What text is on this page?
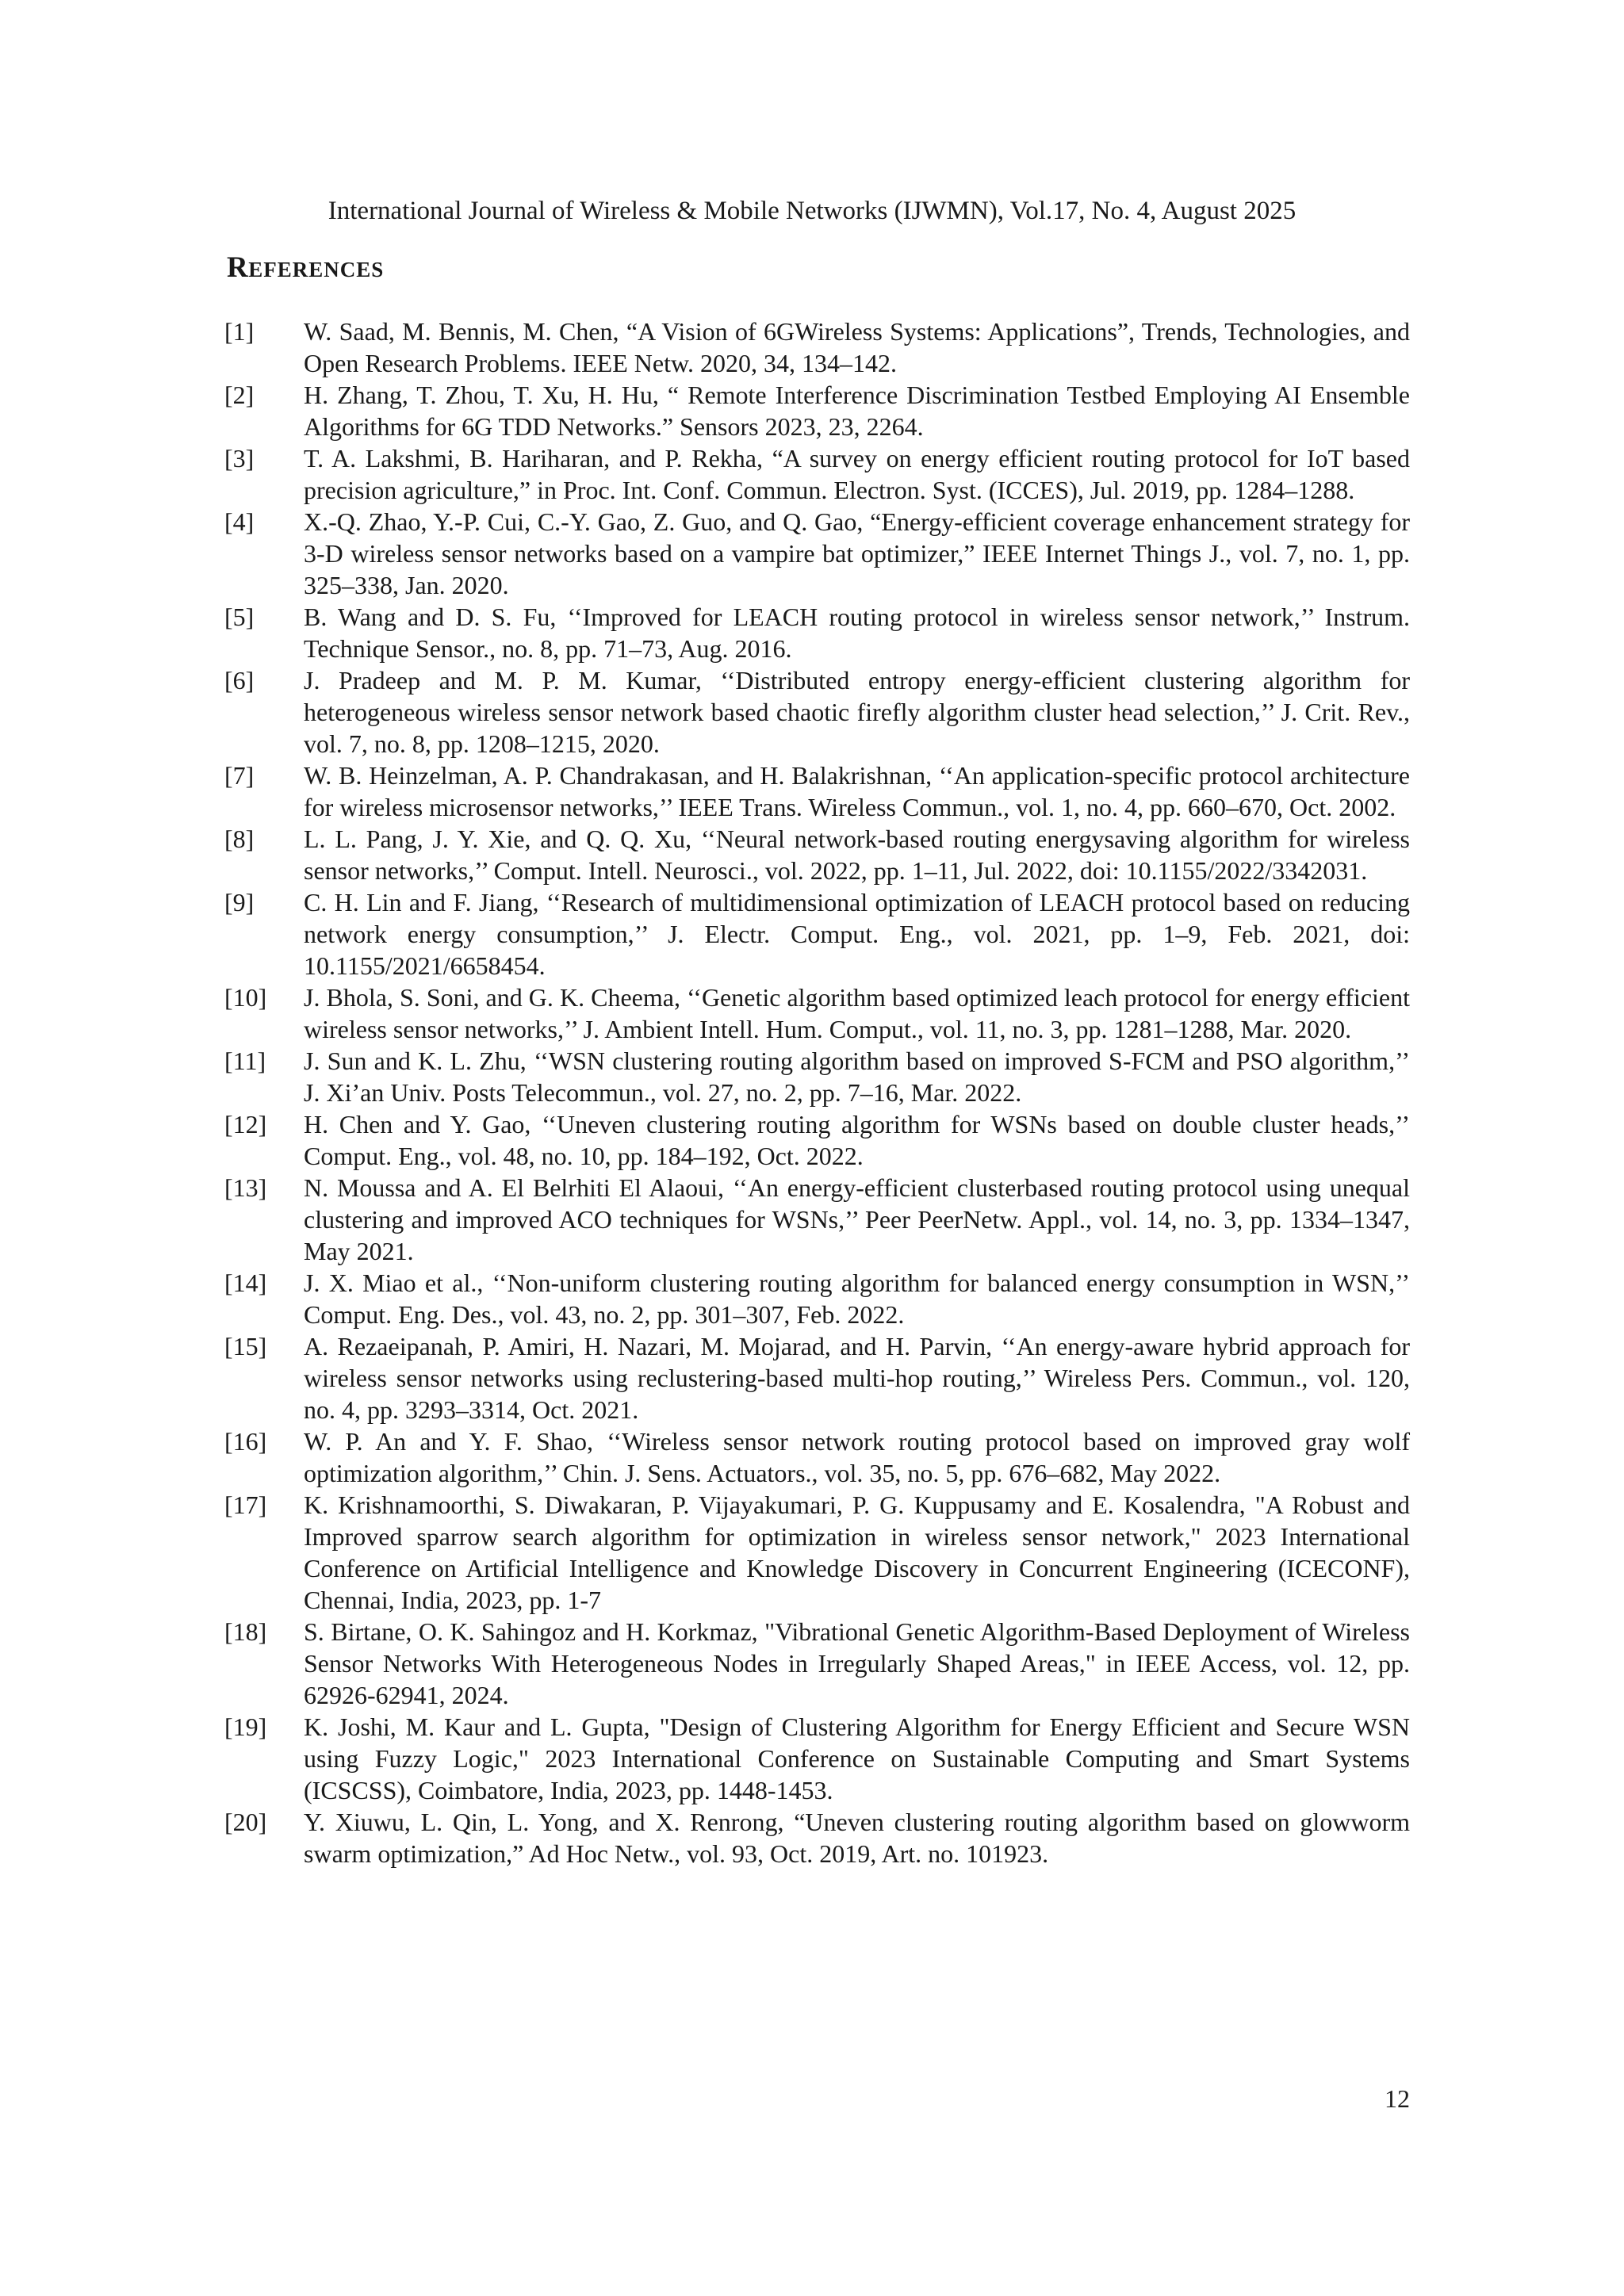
International Journal of Wireless & Mobile Networks (IJWMN), Vol.17, No. 4, August 2025
REFERENCES
[1]	W. Saad, M. Bennis, M. Chen, “A Vision of 6GWireless Systems: Applications”, Trends, Technologies, and Open Research Problems. IEEE Netw. 2020, 34, 134–142.
[2]	H. Zhang, T. Zhou, T. Xu, H. Hu, “ Remote Interference Discrimination Testbed Employing AI Ensemble Algorithms for 6G TDD Networks.” Sensors 2023, 23, 2264.
[3]	T. A. Lakshmi, B. Hariharan, and P. Rekha, “A survey on energy efficient routing protocol for IoT based precision agriculture,” in Proc. Int. Conf. Commun. Electron. Syst. (ICCES), Jul. 2019, pp. 1284–1288.
[4]	X.-Q. Zhao, Y.-P. Cui, C.-Y. Gao, Z. Guo, and Q. Gao, “Energy-efficient coverage enhancement strategy for 3-D wireless sensor networks based on a vampire bat optimizer,” IEEE Internet Things J., vol. 7, no. 1, pp. 325–338, Jan. 2020.
[5]	B. Wang and D. S. Fu, ‘‘Improved for LEACH routing protocol in wireless sensor network,’’ Instrum. Technique Sensor., no. 8, pp. 71–73, Aug. 2016.
[6]	J. Pradeep and M. P. M. Kumar, ‘‘Distributed entropy energy-efficient clustering algorithm for heterogeneous wireless sensor network based chaotic firefly algorithm cluster head selection,’’ J. Crit. Rev., vol. 7, no. 8, pp. 1208–1215, 2020.
[7]	W. B. Heinzelman, A. P. Chandrakasan, and H. Balakrishnan, ‘‘An application-specific protocol architecture for wireless microsensor networks,’’ IEEE Trans. Wireless Commun., vol. 1, no. 4, pp. 660–670, Oct. 2002.
[8]	L. L. Pang, J. Y. Xie, and Q. Q. Xu, ‘‘Neural network-based routing energysaving algorithm for wireless sensor networks,’’ Comput. Intell. Neurosci., vol. 2022, pp. 1–11, Jul. 2022, doi: 10.1155/2022/3342031.
[9]	C. H. Lin and F. Jiang, ‘‘Research of multidimensional optimization of LEACH protocol based on reducing network energy consumption,’’ J. Electr. Comput. Eng., vol. 2021, pp. 1–9, Feb. 2021, doi: 10.1155/2021/6658454.
[10]	J. Bhola, S. Soni, and G. K. Cheema, ‘‘Genetic algorithm based optimized leach protocol for energy efficient wireless sensor networks,’’ J. Ambient Intell. Hum. Comput., vol. 11, no. 3, pp. 1281–1288, Mar. 2020.
[11]	J. Sun and K. L. Zhu, ‘‘WSN clustering routing algorithm based on improved S-FCM and PSO algorithm,’’ J. Xi’an Univ. Posts Telecommun., vol. 27, no. 2, pp. 7–16, Mar. 2022.
[12]	H. Chen and Y. Gao, ‘‘Uneven clustering routing algorithm for WSNs based on double cluster heads,’’ Comput. Eng., vol. 48, no. 10, pp. 184–192, Oct. 2022.
[13]	N. Moussa and A. El Belrhiti El Alaoui, ‘‘An energy-efficient clusterbased routing protocol using unequal clustering and improved ACO techniques for WSNs,’’ Peer PeerNetw. Appl., vol. 14, no. 3, pp. 1334–1347, May 2021.
[14]	J. X. Miao et al., ‘‘Non-uniform clustering routing algorithm for balanced energy consumption in WSN,’’ Comput. Eng. Des., vol. 43, no. 2, pp. 301–307, Feb. 2022.
[15]	A. Rezaeipanah, P. Amiri, H. Nazari, M. Mojarad, and H. Parvin, ‘‘An energy-aware hybrid approach for wireless sensor networks using reclustering-based multi-hop routing,’’ Wireless Pers. Commun., vol. 120, no. 4, pp. 3293–3314, Oct. 2021.
[16]	W. P. An and Y. F. Shao, ‘‘Wireless sensor network routing protocol based on improved gray wolf optimization algorithm,’’ Chin. J. Sens. Actuators., vol. 35, no. 5, pp. 676–682, May 2022.
[17]	K. Krishnamoorthi, S. Diwakaran, P. Vijayakumari, P. G. Kuppusamy and E. Kosalendra, "A Robust and Improved sparrow search algorithm for optimization in wireless sensor network," 2023 International Conference on Artificial Intelligence and Knowledge Discovery in Concurrent Engineering (ICECONF), Chennai, India, 2023, pp. 1-7
[18]	S. Birtane, O. K. Sahingoz and H. Korkmaz, "Vibrational Genetic Algorithm-Based Deployment of Wireless Sensor Networks With Heterogeneous Nodes in Irregularly Shaped Areas," in IEEE Access, vol. 12, pp. 62926-62941, 2024.
[19]	K. Joshi, M. Kaur and L. Gupta, "Design of Clustering Algorithm for Energy Efficient and Secure WSN using Fuzzy Logic," 2023 International Conference on Sustainable Computing and Smart Systems (ICSCSS), Coimbatore, India, 2023, pp. 1448-1453.
[20]	Y. Xiuwu, L. Qin, L. Yong, and X. Renrong, “Uneven clustering routing algorithm based on glowworm swarm optimization,” Ad Hoc Netw., vol. 93, Oct. 2019, Art. no. 101923.
12
